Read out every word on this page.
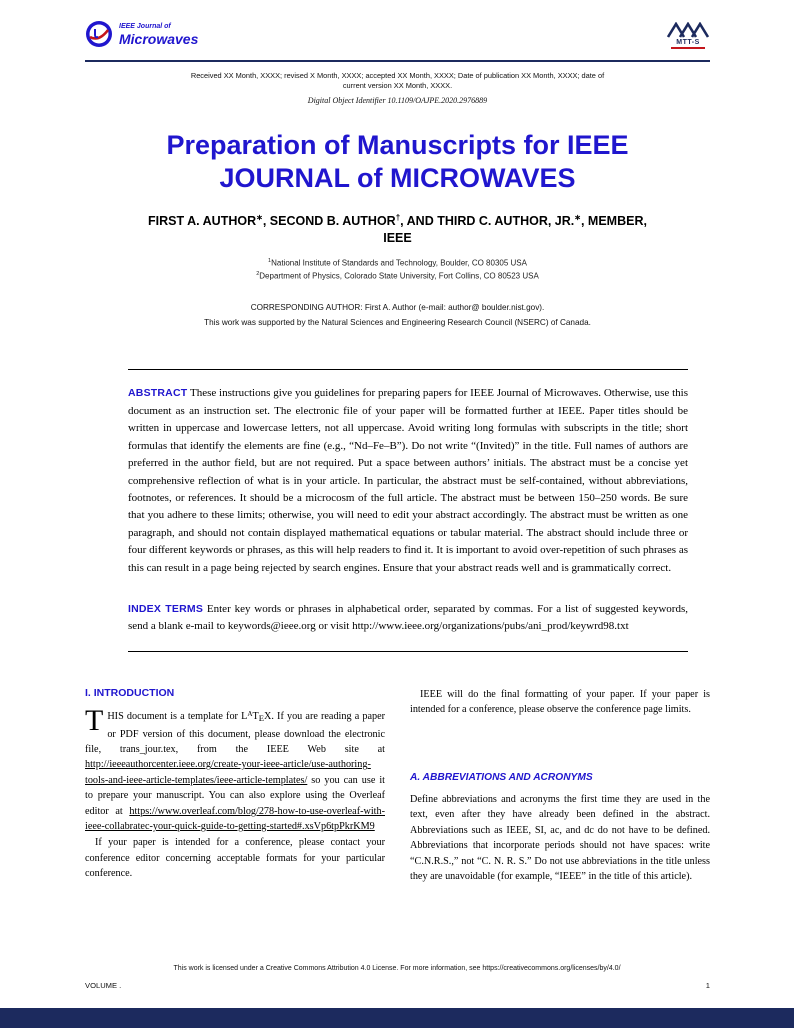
IEEE Journal of
Microwaves	MTT-S
Received XX Month, XXXX; revised X Month, XXXX; accepted XX Month, XXXX; Date of publication XX Month, XXXX; date of
current version XX Month, XXXX.
Digital Object Identifier 10.1109/OAJPE.2020.2976889
Preparation of Manuscripts for IEEE
JOURNAL of MICROWAVES
FIRST A. AUTHOR∗, SECOND B. AUTHOR†, AND THIRD C. AUTHOR, JR.∗, MEMBER,
IEEE
$^1$National Institute of Standards and Technology, Boulder, CO 80305 USA
$^2$Department of Physics, Colorado State University, Fort Collins, CO 80523 USA
CORRESPONDING AUTHOR: First A. Author (e-mail: author@ boulder.nist.gov).
This work was supported by the Natural Sciences and Engineering Research Council (NSERC) of Canada.

ABSTRACT These instructions give you guidelines for preparing papers for IEEE Journal of Microwaves. Otherwise, use this document as an instruction set. The electronic file of your paper will be formatted further at IEEE. Paper titles should be written in uppercase and lowercase letters, not all uppercase. Avoid writing long formulas with subscripts in the title; short formulas that identify the elements are fine (e.g., “Nd–Fe–B”). Do not write “(Invited)” in the title. Full names of authors are preferred in the author field, but are not required. Put a space between authors’ initials. The abstract must be a concise yet comprehensive reflection of what is in your article. In particular, the abstract must be self-contained, without abbreviations, footnotes, or references. It should be a microcosm of the full article. The abstract must be between 150–250 words. Be sure that you adhere to these limits; otherwise, you will need to edit your abstract accordingly. The abstract must be written as one paragraph, and should not contain displayed mathematical equations or tabular material. The abstract should include three or four different keywords or phrases, as this will help readers to find it. It is important to avoid over-repetition of such phrases as this can result in a page being rejected by search engines. Ensure that your abstract reads well and is grammatically correct.

INDEX TERMS Enter key words or phrases in alphabetical order, separated by commas. For a list of suggested keywords, send a blank e-mail to keywords@ieee.org or visit http://www.ieee.org/organizations/pubs/ani_prod/keywrd98.txt

I. INTRODUCTION

THIS document is a template for $L^ATEX$. If you are reading a paper or PDF version of this document, please download the electronic file, trans_jour.tex, from the IEEE Web site at http://ieeeauthorcenter.ieee.org/create-your-ieee-article/use-authoring-tools-and-ieee-article-templates/ieee-article-templates/ so you can use it to prepare your manuscript. You can also explore using the Overleaf editor at https://www.overleaf.com/blog/278-how-to-use-overleaf-with-ieee-collabratec-your-quick-guide-to-getting-started#.xsVp6tpPkrKM9

If your paper is intended for a conference, please contact your conference editor concerning acceptable formats for your particular conference.

IEEE will do the final formatting of your paper. If your paper is intended for a conference, please observe the conference page limits.

A. ABBREVIATIONS AND ACRONYMS

Define abbreviations and acronyms the first time they are used in the text, even after they have already been defined in the abstract. Abbreviations such as IEEE, SI, ac, and dc do not have to be defined. Abbreviations that incorporate periods should not have spaces: write “C.N.R.S.,” not “C. N. R. S.” Do not use abbreviations in the title unless they are unavoidable (for example, “IEEE” in the title of this article).

This work is licensed under a Creative Commons Attribution 4.0 License. For more information, see https://creativecommons.org/licenses/by/4.0/
VOLUME .	1
